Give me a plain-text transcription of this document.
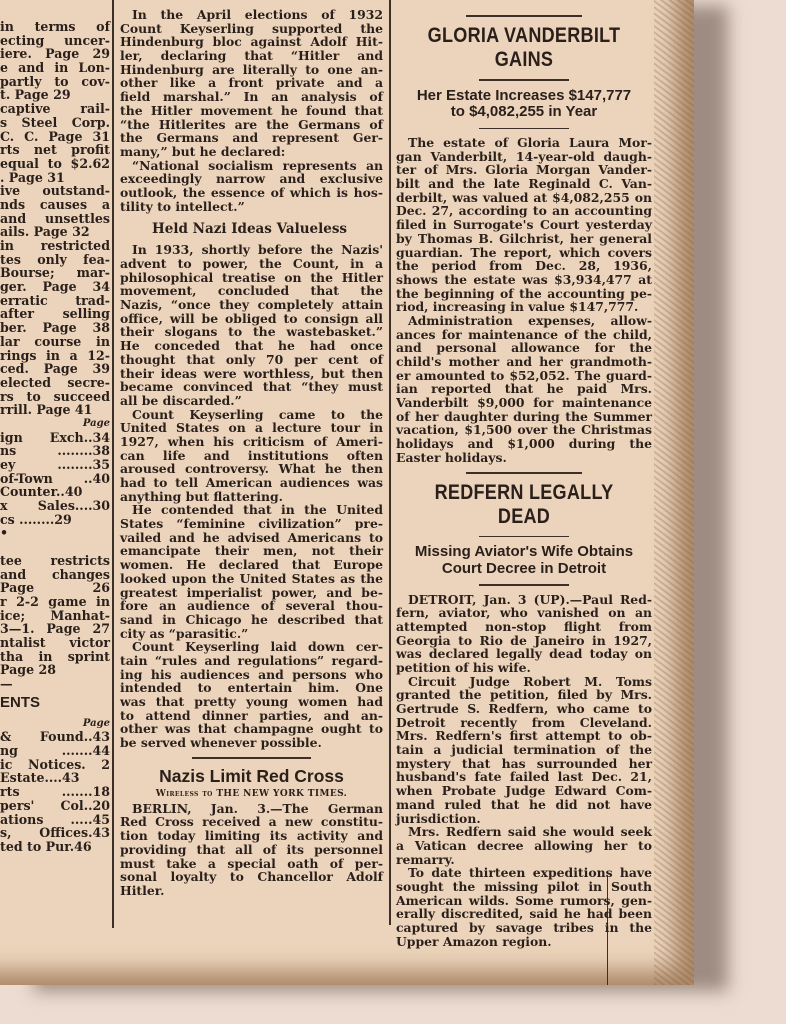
in terms of
ecting uncer-
iere. Page 29
e and in Lon-
partly to cov-
t. Page 29
captive rail-
s Steel Corp.
C. C. Page 31
rts net profit
equal to $2.62
. Page 31
ive outstand-
nds causes a
and unsettles
ails. Page 32
in restricted
tes only fea-
Bourse; mar-
ger. Page 34
erratic trad-
after selling
ber. Page 38
lar course in
rings in a 12-
ced. Page 39
elected secre-
rs to succeed
rrill. Page 41
Page
ign Exch..34
ns ........38
ey ........35
of-Town ..40
Counter..40
x Sales....30
cs ........29
•
tee restricts
and changes
Page 26
r 2-2 game in
ice; Manhat-
3—1. Page 27
ntalist victor
tha in sprint
Page 28
—
ENTS
Page
& Found..43
ng .......44
ic Notices. 2
Estate....43
rts .......18
pers' Col..20
ations .....45
s, Offices.43
ted to Pur.46
In the April elections of 1932
Count Keyserling supported the
Hindenburg bloc against Adolf Hit-
ler, declaring that “Hitler and
Hindenburg are literally to one an-
other like a front private and a
field marshal.” In an analysis of
the Hitler movement he found that
“the Hitlerites are the Germans of
the Germans and represent Ger-
many,” but he declared:
“National socialism represents an
exceedingly narrow and exclusive
outlook, the essence of which is hos-
tility to intellect.”
Held Nazi Ideas Valueless
In 1933, shortly before the Nazis'
advent to power, the Count, in a
philosophical treatise on the Hitler
movement, concluded that the
Nazis, “once they completely attain
office, will be obliged to consign all
their slogans to the wastebasket.”
He conceded that he had once
thought that only 70 per cent of
their ideas were worthless, but then
became convinced that “they must
all be discarded.”
Count Keyserling came to the
United States on a lecture tour in
1927, when his criticism of Ameri-
can life and institutions often
aroused controversy. What he then
had to tell American audiences was
anything but flattering.
He contended that in the United
States “feminine civilization” pre-
vailed and he advised Americans to
emancipate their men, not their
women. He declared that Europe
looked upon the United States as the
greatest imperialist power, and be-
fore an audience of several thou-
sand in Chicago he described that
city as “parasitic.”
Count Keyserling laid down cer-
tain “rules and regulations” regard-
ing his audiences and persons who
intended to entertain him. One
was that pretty young women had
to attend dinner parties, and an-
other was that champagne ought to
be served whenever possible.
Nazis Limit Red Cross
Wireless to THE NEW YORK TIMES.
BERLIN, Jan. 3.—The German
Red Cross received a new constitu-
tion today limiting its activity and
providing that all of its personnel
must take a special oath of per-
sonal loyalty to Chancellor Adolf
Hitler.
GLORIA VANDERBILT GAINS
Her Estate Increases $147,777
to $4,082,255 in Year
The estate of Gloria Laura Mor-
gan Vanderbilt, 14-year-old daugh-
ter of Mrs. Gloria Morgan Vander-
bilt and the late Reginald C. Van-
derbilt, was valued at $4,082,255 on
Dec. 27, according to an accounting
filed in Surrogate's Court yesterday
by Thomas B. Gilchrist, her general
guardian. The report, which covers
the period from Dec. 28, 1936,
shows the estate was $3,934,477 at
the beginning of the accounting pe-
riod, increasing in value $147,777.
Administration expenses, allow-
ances for maintenance of the child,
and personal allowance for the
child's mother and her grandmoth-
er amounted to $52,052. The guard-
ian reported that he paid Mrs.
Vanderbilt $9,000 for maintenance
of her daughter during the Summer
vacation, $1,500 over the Christmas
holidays and $1,000 during the
Easter holidays.
REDFERN LEGALLY DEAD
Missing Aviator's Wife Obtains
Court Decree in Detroit
DETROIT, Jan. 3 (UP).—Paul Red-
fern, aviator, who vanished on an
attempted non-stop flight from
Georgia to Rio de Janeiro in 1927,
was declared legally dead today on
petition of his wife.
Circuit Judge Robert M. Toms
granted the petition, filed by Mrs.
Gertrude S. Redfern, who came to
Detroit recently from Cleveland.
Mrs. Redfern's first attempt to ob-
tain a judicial termination of the
mystery that has surrounded her
husband's fate failed last Dec. 21,
when Probate Judge Edward Com-
mand ruled that he did not have
jurisdiction.
Mrs. Redfern said she would seek
a Vatican decree allowing her to
remarry.
To date thirteen expeditions have
sought the missing pilot in South
American wilds. Some rumors, gen-
erally discredited, said he had been
captured by savage tribes in the
Upper Amazon region.
